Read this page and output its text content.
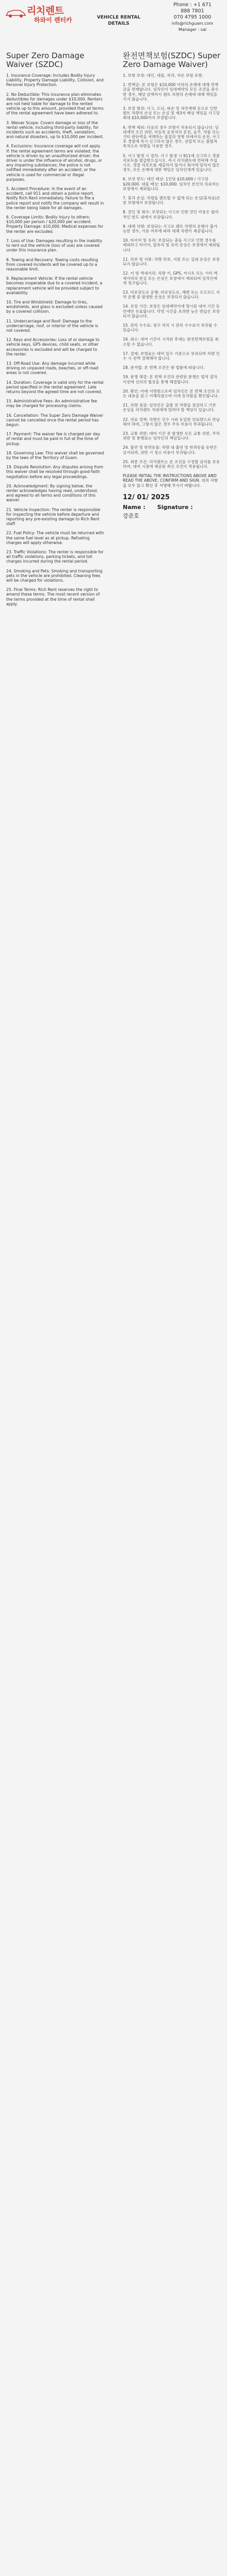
리치렌트
하와이 렌터카	VEHICLE RENTAL
DETAILS
Phone : +1 671
888 7801
070 4795 1000
info@richguam.com
Manager : sal
Super Zero Damage Waiver (SZDC)

1. Insurance Coverage: Includes Bodily Injury Liability, Property Damage Liability, Collision, and Personal Injury Protection.

2. No Deductible: This insurance plan eliminates deductibles for damages under $10,000. Renters are not held liable for damage to the rented vehicle up to this amount, provided that all terms of the rental agreement have been adhered to.

3. Waiver Scope: Covers damage or loss of the rental vehicle, including third-party liability, for incidents such as accidents, theft, vandalism, and natural disasters, up to $10,000 per incident.

4. Exclusions: Insurance coverage will not apply if: the rental agreement terms are violated; the vehicle is driven by an unauthorized driver; the driver is under the influence of alcohol, drugs, or any impairing substances; the police is not notified immediately after an accident; or the vehicle is used for commercial or illegal purposes.

5. Accident Procedure: In the event of an accident, call 911 and obtain a police report. Notify Rich Rent immediately. Failure to file a police report and notify the company will result in the renter being liable for all damages.

6. Coverage Limits: Bodily Injury to others: $10,000 per person / $20,000 per accident. Property Damage: $10,000. Medical expenses for the renter are excluded.

7. Loss of Use: Damages resulting in the inability to rent out the vehicle (loss of use) are covered under this insurance plan.

8. Towing and Recovery: Towing costs resulting from covered incidents will be covered up to a reasonable limit.

9. Replacement Vehicle: If the rental vehicle becomes inoperable due to a covered incident, a replacement vehicle will be provided subject to availability.

10. Tire and Windshield: Damage to tires, windshields, and glass is excluded unless caused by a covered collision.

11. Undercarriage and Roof: Damage to the undercarriage, roof, or interior of the vehicle is not covered.

12. Keys and Accessories: Loss of or damage to vehicle keys, GPS devices, child seats, or other accessories is excluded and will be charged to the renter.

13. Off-Road Use: Any damage incurred while driving on unpaved roads, beaches, or off-road areas is not covered.

14. Duration: Coverage is valid only for the rental period specified in the rental agreement. Late returns beyond the agreed time are not covered.

15. Administrative Fees: An administrative fee may be charged for processing claims.

16. Cancellation: The Super Zero Damage Waiver cannot be cancelled once the rental period has begun.

17. Payment: The waiver fee is charged per day of rental and must be paid in full at the time of pickup.

18. Governing Law: This waiver shall be governed by the laws of the Territory of Guam.

19. Dispute Resolution: Any disputes arising from this waiver shall be resolved through good-faith negotiation before any legal proceedings.

20. Acknowledgment: By signing below, the renter acknowledges having read, understood, and agreed to all terms and conditions of this waiver.

21. Vehicle Inspection: The renter is responsible for inspecting the vehicle before departure and reporting any pre-existing damage to Rich Rent staff.

22. Fuel Policy: The vehicle must be returned with the same fuel level as at pickup. Refueling charges will apply otherwise.

23. Traffic Violations: The renter is responsible for all traffic violations, parking tickets, and toll charges incurred during the rental period.

24. Smoking and Pets: Smoking and transporting pets in the vehicle are prohibited. Cleaning fees will be charged for violations.

25. Final Terms: Rich Rent reserves the right to amend these terms. The most recent version of the terms provided at the time of rental shall apply.

완전면책보험(SZDC) Super Zero Damage Waiver)

1. 보험 보장: 대인, 대물, 자차, 자손 보험 포함.

2. 면책금: 본 보험은 $10,000 이하의 손해에 대해 면책금을 면제합니다. 임차인이 임대계약의 모든 조건을 준수한 경우, 해당 금액까지 렌트 차량의 손해에 대해 책임을 지지 않습니다.

3. 보장 범위: 사고, 도난, 파손 및 자연재해 등으로 인한 렌트 차량의 손상 또는 손실 및 제3자 배상 책임을 사고당 최대 $10,000까지 보장합니다.

4. 면책 제외: 다음의 경우 보험이 적용되지 않습니다: 임대계약 조건 위반, 미등록 운전자의 운전, 음주, 약물 또는 기타 판단력을 저해하는 물질의 영향 하에서의 운전, 사고 후 경찰에 즉시 신고하지 않은 경우, 상업적 또는 불법적 목적으로 차량을 사용한 경우.

5. 사고 발생 시 절차: 사고 발생 시 911에 신고하고 경찰 리포트를 발급받으십시오. 즉시 리치렌트에 연락해 주십시오. 경찰 리포트를 제출하지 않거나 회사에 알리지 않은 경우, 모든 손해에 대한 책임은 임차인에게 있습니다.

6. 보장 한도: 대인 배상: 1인당 $10,000 / 사고당 $20,000. 대물 배상: $10,000. 임차인 본인의 의료비는 보장에서 제외됩니다.

7. 휴차 손실: 차량을 렌트할 수 없게 되는 손실(휴차료)은 본 보험에서 보장됩니다.

8. 견인 및 회수: 보장되는 사고로 인한 견인 비용은 합리적인 한도 내에서 보장됩니다.

9. 대체 차량: 보장되는 사고로 렌트 차량의 운행이 불가능한 경우, 가용 여부에 따라 대체 차량이 제공됩니다.

10. 타이어 및 유리: 보장되는 충돌 사고로 인한 경우를 제외하고 타이어, 앞유리 및 유리 손상은 보장에서 제외됩니다.

11. 하부 및 지붕: 차량 하부, 지붕 또는 실내 손상은 보장되지 않습니다.

12. 키 및 액세서리: 차량 키, GPS, 카시트 또는 기타 액세서리의 분실 또는 손상은 보장에서 제외되며 임차인에게 청구됩니다.

13. 비포장도로 운행: 비포장도로, 해변 또는 오프로드 지역 운행 중 발생한 손상은 보장되지 않습니다.

14. 보장 기간: 보장은 임대계약서에 명시된 대여 기간 동안에만 유효합니다. 약정 시간을 초과한 늦은 반납은 보장되지 않습니다.

15. 관리 수수료: 청구 처리 시 관리 수수료가 부과될 수 있습니다.

16. 취소: 대여 기간이 시작된 후에는 완전면책보험을 취소할 수 없습니다.

17. 결제: 보험료는 대여 일수 기준으로 부과되며 차량 인수 시 전액 결제해야 합니다.

18. 준거법: 본 면책 조건은 괌 법률에 따릅니다.

19. 분쟁 해결: 본 면책 조건과 관련된 분쟁은 법적 절차 이전에 선의의 협상을 통해 해결합니다.

20. 확인: 아래 서명함으로써 임차인은 본 면책 조건의 모든 내용을 읽고 이해하였으며 이에 동의함을 확인합니다.

21. 차량 점검: 임차인은 출발 전 차량을 점검하고 기존 손상을 리치렌트 직원에게 알려야 할 책임이 있습니다.

22. 연료 정책: 차량은 인수 시와 동일한 연료량으로 반납해야 하며, 그렇지 않은 경우 주유 비용이 부과됩니다.

23. 교통 위반: 대여 기간 중 발생한 모든 교통 위반, 주차 위반 및 통행료는 임차인의 책임입니다.

24. 흡연 및 반려동물: 차량 내 흡연 및 반려동물 동반은 금지되며, 위반 시 청소 비용이 부과됩니다.

25. 최종 조건: 리치렌트는 본 조건을 수정할 권리를 보유하며, 대여 시점에 제공된 최신 조건이 적용됩니다.

PLEASE INITIAL THE INSTRUCTIONS ABOVE AND READ THE ABOVE, CONFIRM AND SIGN. 위의 사항을 모두 읽고 확인 후 서명해 주시기 바랍니다.
12/ 01/ 2025
Name : Signature :
강준호
